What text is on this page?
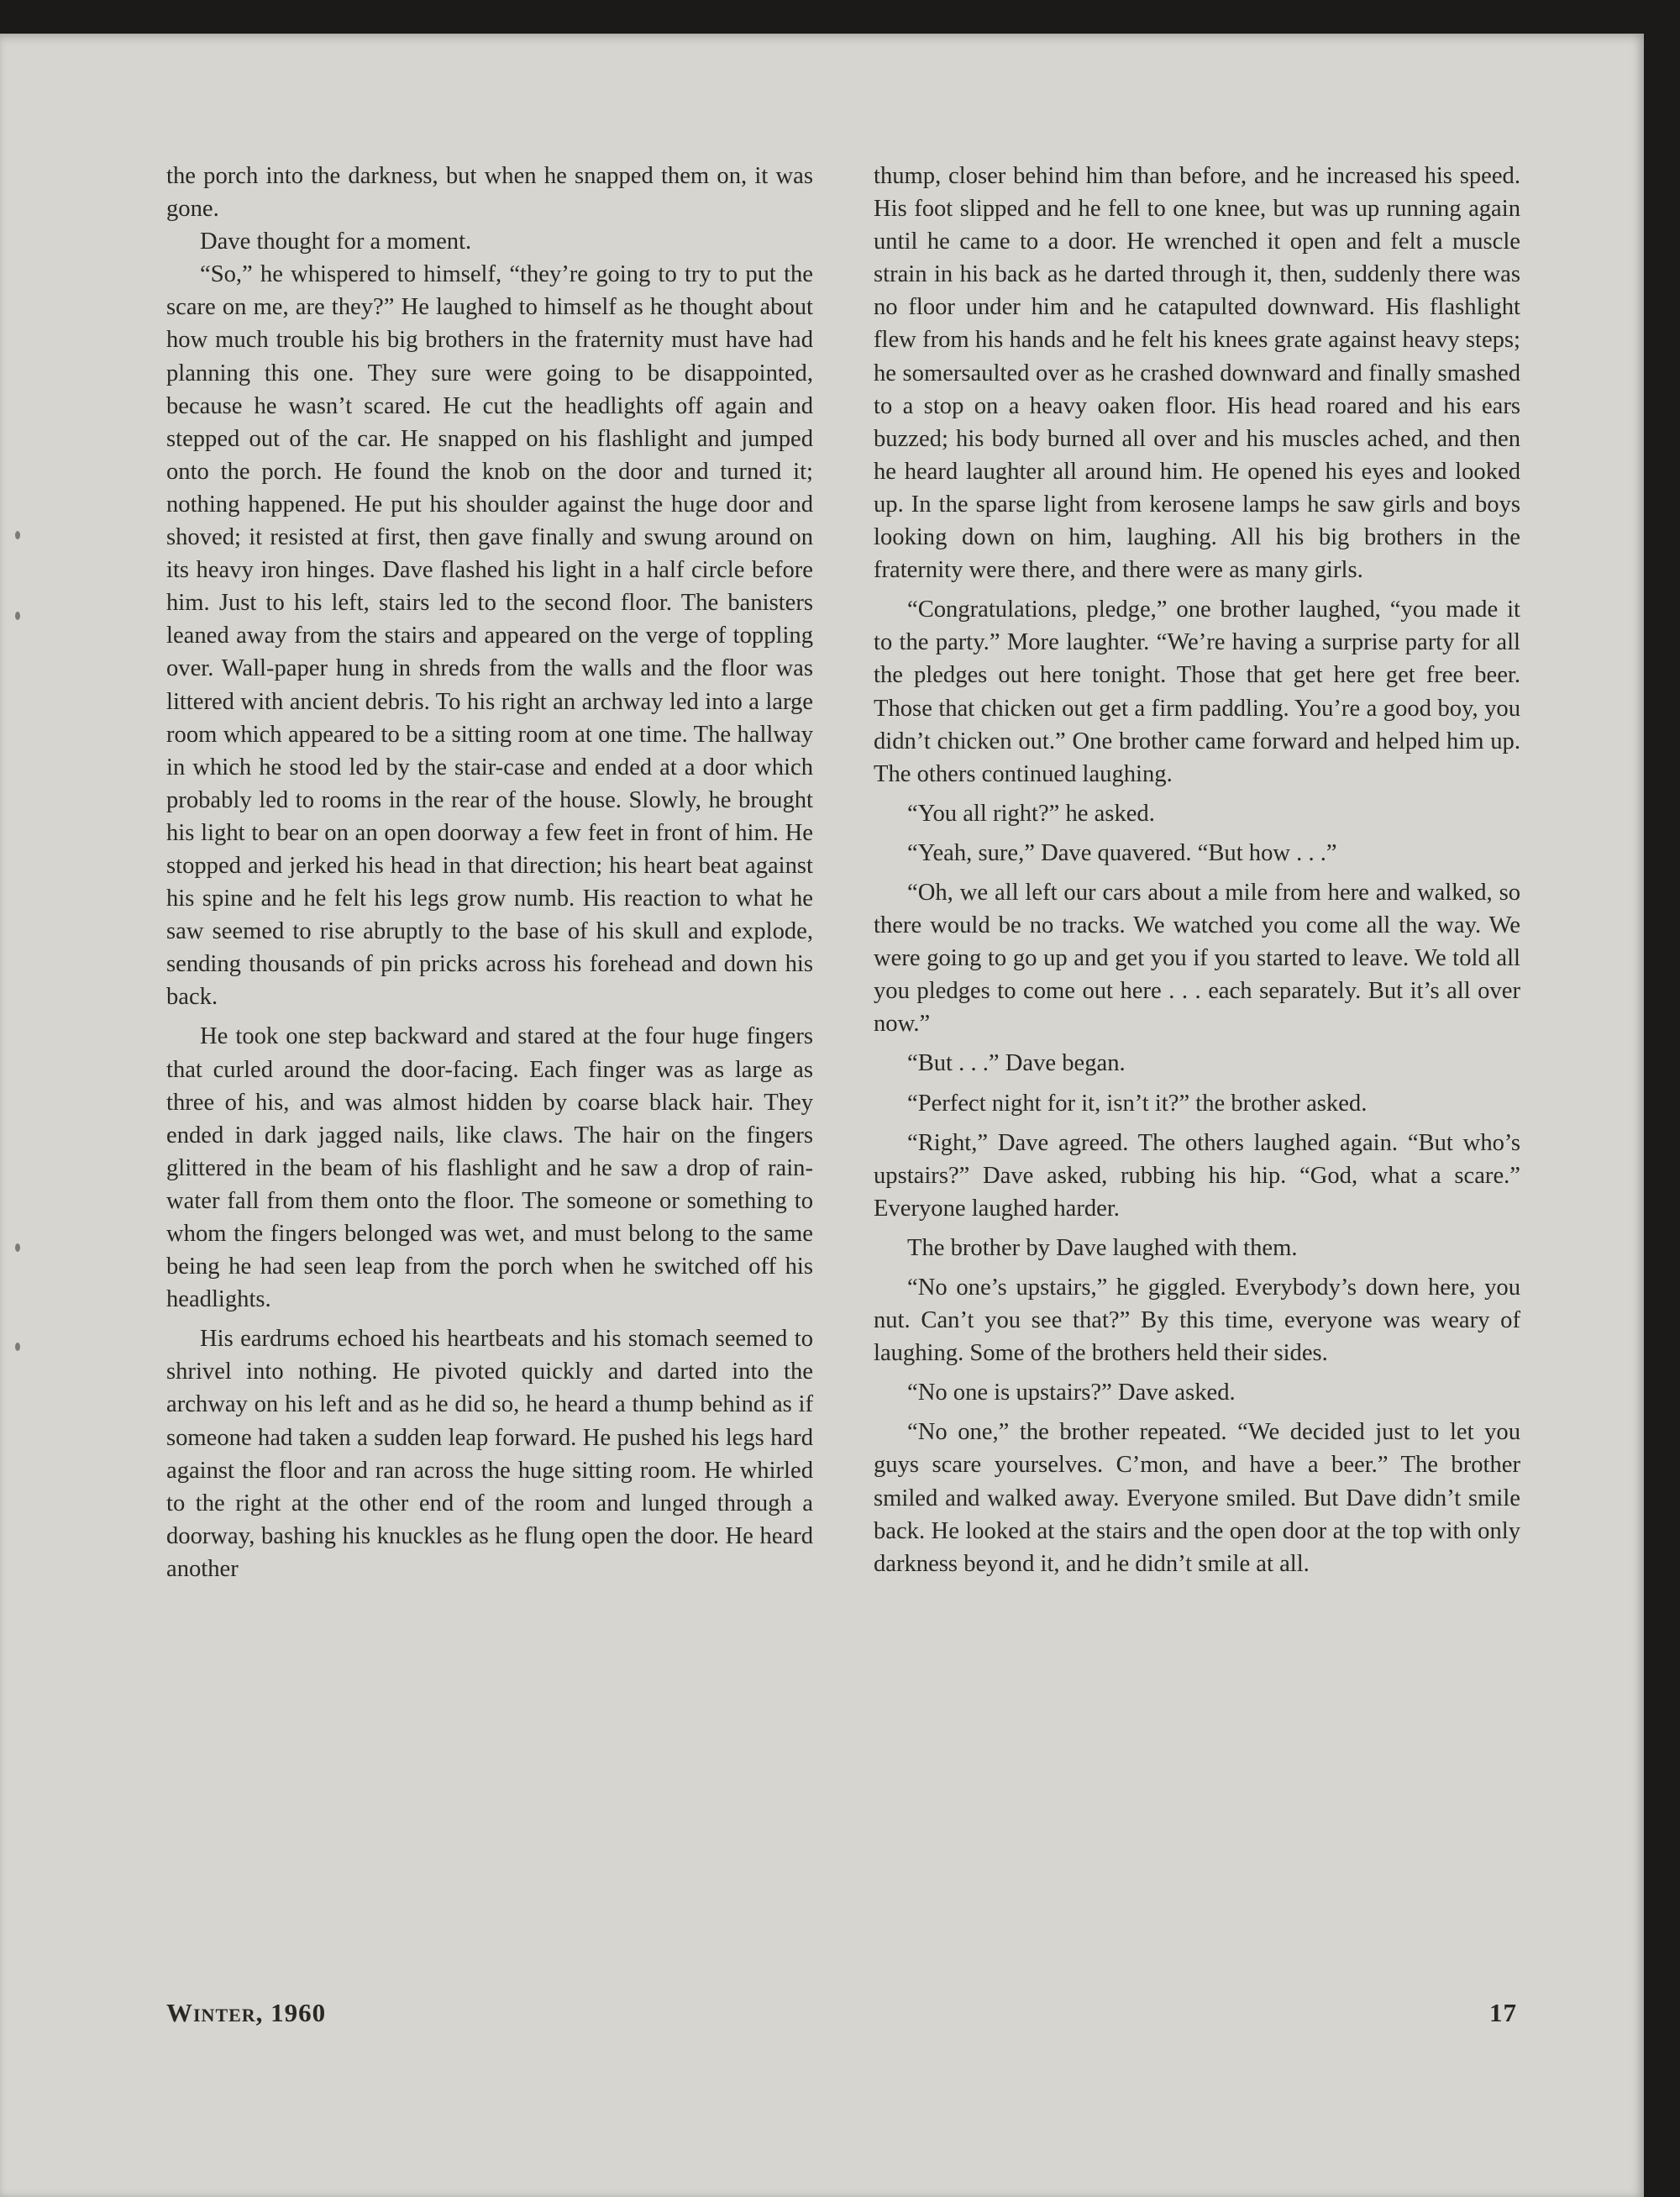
the porch into the darkness, but when he snapped them on, it was gone.

Dave thought for a moment.

“So,” he whispered to himself, “they’re going to try to put the scare on me, are they?” He laughed to himself as he thought about how much trouble his big brothers in the fraternity must have had planning this one. They sure were going to be disappointed, because he wasn’t scared. He cut the headlights off again and stepped out of the car. He snapped on his flashlight and jumped onto the porch. He found the knob on the door and turned it; nothing happened. He put his shoulder against the huge door and shoved; it resisted at first, then gave finally and swung around on its heavy iron hinges. Dave flashed his light in a half circle before him. Just to his left, stairs led to the second floor. The banisters leaned away from the stairs and appeared on the verge of toppling over. Wall-paper hung in shreds from the walls and the floor was littered with ancient debris. To his right an archway led into a large room which appeared to be a sitting room at one time. The hallway in which he stood led by the stair-case and ended at a door which probably led to rooms in the rear of the house. Slowly, he brought his light to bear on an open doorway a few feet in front of him. He stopped and jerked his head in that direction; his heart beat against his spine and he felt his legs grow numb. His reaction to what he saw seemed to rise abruptly to the base of his skull and explode, sending thousands of pin pricks across his forehead and down his back.

He took one step backward and stared at the four huge fingers that curled around the door-facing. Each finger was as large as three of his, and was almost hidden by coarse black hair. They ended in dark jagged nails, like claws. The hair on the fingers glittered in the beam of his flashlight and he saw a drop of rain-water fall from them onto the floor. The someone or something to whom the fingers belonged was wet, and must belong to the same being he had seen leap from the porch when he switched off his headlights.

His eardrums echoed his heartbeats and his stomach seemed to shrivel into nothing. He pivoted quickly and darted into the archway on his left and as he did so, he heard a thump behind as if someone had taken a sudden leap forward. He pushed his legs hard against the floor and ran across the huge sitting room. He whirled to the right at the other end of the room and lunged through a doorway, bashing his knuckles as he flung open the door. He heard another

thump, closer behind him than before, and he increased his speed. His foot slipped and he fell to one knee, but was up running again until he came to a door. He wrenched it open and felt a muscle strain in his back as he darted through it, then, suddenly there was no floor under him and he catapulted downward. His flashlight flew from his hands and he felt his knees grate against heavy steps; he somersaulted over as he crashed downward and finally smashed to a stop on a heavy oaken floor. His head roared and his ears buzzed; his body burned all over and his muscles ached, and then he heard laughter all around him. He opened his eyes and looked up. In the sparse light from kerosene lamps he saw girls and boys looking down on him, laughing. All his big brothers in the fraternity were there, and there were as many girls.

“Congratulations, pledge,” one brother laughed, “you made it to the party.” More laughter. “We’re having a surprise party for all the pledges out here tonight. Those that get here get free beer. Those that chicken out get a firm paddling. You’re a good boy, you didn’t chicken out.” One brother came forward and helped him up. The others continued laughing.

“You all right?” he asked.

“Yeah, sure,” Dave quavered. “But how . . .”

“Oh, we all left our cars about a mile from here and walked, so there would be no tracks. We watched you come all the way. We were going to go up and get you if you started to leave. We told all you pledges to come out here . . . each separately. But it’s all over now.”

“But . . .” Dave began.

“Perfect night for it, isn’t it?” the brother asked.

“Right,” Dave agreed. The others laughed again. “But who’s upstairs?” Dave asked, rubbing his hip. “God, what a scare.” Everyone laughed harder.

The brother by Dave laughed with them.

“No one’s upstairs,” he giggled. Everybody’s down here, you nut. Can’t you see that?” By this time, everyone was weary of laughing. Some of the brothers held their sides.

“No one is upstairs?” Dave asked.

“No one,” the brother repeated. “We decided just to let you guys scare yourselves. C’mon, and have a beer.” The brother smiled and walked away. Everyone smiled. But Dave didn’t smile back. He looked at the stairs and the open door at the top with only darkness beyond it, and he didn’t smile at all.

Winter, 1960	17
